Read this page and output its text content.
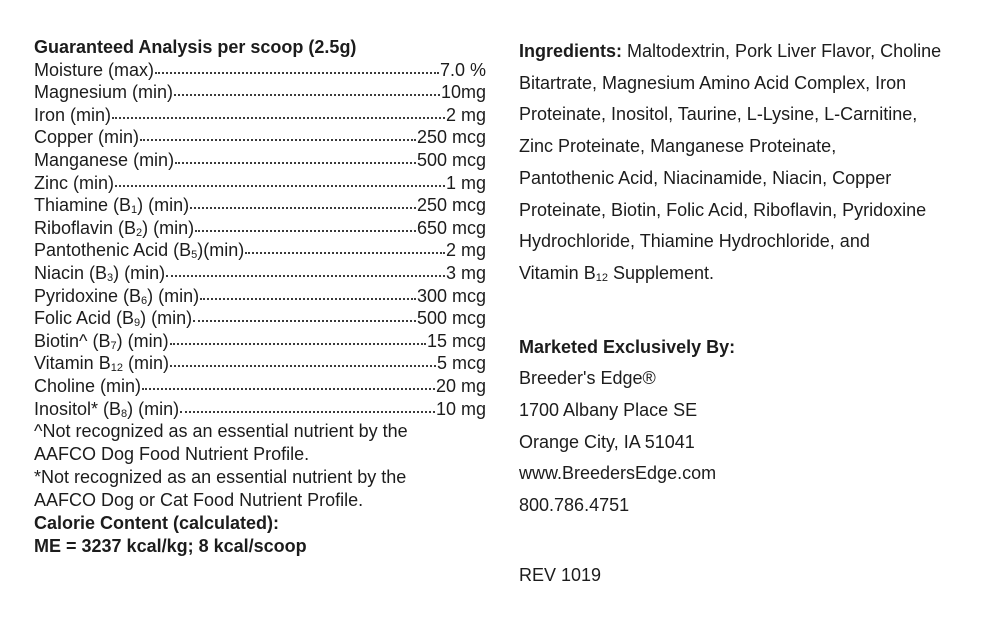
Guaranteed Analysis per scoop (2.5g)
Moisture (max)	7.0 %
Magnesium (min)	10mg
Iron (min)	2 mg
Copper (min)	250 mcg
Manganese (min)	500 mcg
Zinc (min)	1 mg
Thiamine $(B_1)$ (min)	250 mcg
Riboflavin $(B_2)$ (min)	650 mcg
Pantothenic Acid $(B_5)(\min)$	2 mg
Niacin $(B_3)$ (min)	3 mg
Pyridoxine $(B_6)$ (min)	300 mcg
Folic Acid $(B_9)$ (min)	500 mcg
Biotin^ $(B_7)$ (min)	15 mcg
Vitamin $B_{12}$ (min)	5 mcg
Choline (min)	20 mg
Inositol* $(B_8)$ (min)	10 mg
^Not recognized as an essential nutrient by the
AAFCO Dog Food Nutrient Profile.
*Not recognized as an essential nutrient by the
AAFCO Dog or Cat Food Nutrient Profile.
Calorie Content (calculated):
ME = 3237 kcal/kg; 8 kcal/scoop
Ingredients: Maltodextrin, Pork Liver Flavor, Choline
Bitartrate, Magnesium Amino Acid Complex, Iron
Proteinate, Inositol, Taurine, L-Lysine, L-Carnitine,
Zinc Proteinate, Manganese Proteinate,
Pantothenic Acid, Niacinamide, Niacin, Copper
Proteinate, Biotin, Folic Acid, Riboflavin, Pyridoxine
Hydrochloride, Thiamine Hydrochloride, and
Vitamin $B_{12}$ Supplement.
Marketed Exclusively By:
Breeder's Edge®
1700 Albany Place SE
Orange City, IA 51041
www.BreedersEdge.com
800.786.4751
REV 1019
